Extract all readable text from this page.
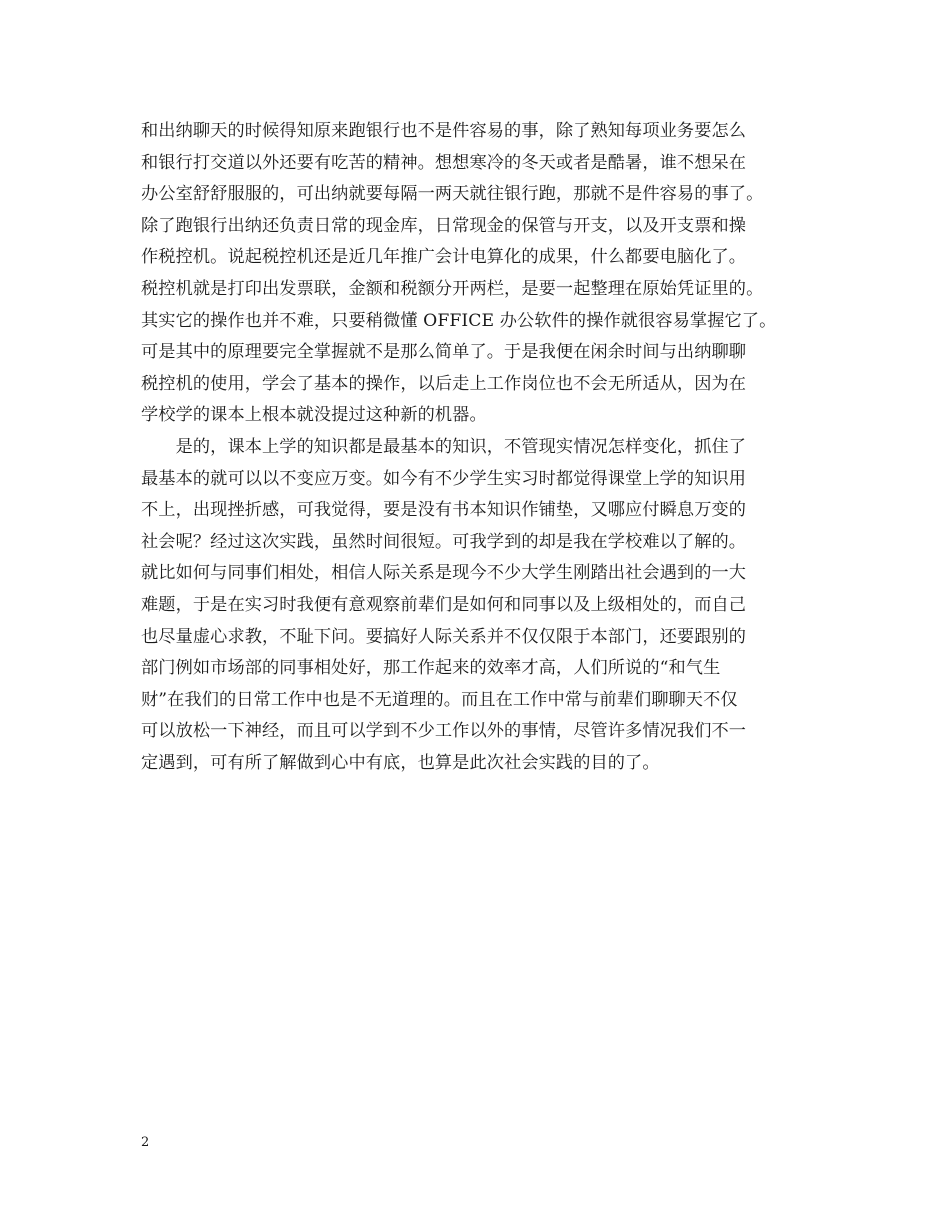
和出纳聊天的时候得知原来跑银行也不是件容易的事，除了熟知每项业务要怎么
和银行打交道以外还要有吃苦的精神。想想寒冷的冬天或者是酷暑，谁不想呆在
办公室舒舒服服的，可出纳就要每隔一两天就往银行跑，那就不是件容易的事了。
除了跑银行出纳还负责日常的现金库，日常现金的保管与开支，以及开支票和操
作税控机。说起税控机还是近几年推广会计电算化的成果，什么都要电脑化了。
税控机就是打印出发票联，金额和税额分开两栏，是要一起整理在原始凭证里的。
其实它的操作也并不难，只要稍微懂 OFFICE 办公软件的操作就很容易掌握它了。
可是其中的原理要完全掌握就不是那么简单了。于是我便在闲余时间与出纳聊聊
税控机的使用，学会了基本的操作，以后走上工作岗位也不会无所适从，因为在
学校学的课本上根本就没提过这种新的机器。
　　是的，课本上学的知识都是最基本的知识，不管现实情况怎样变化，抓住了
最基本的就可以以不变应万变。如今有不少学生实习时都觉得课堂上学的知识用
不上，出现挫折感，可我觉得，要是没有书本知识作铺垫，又哪应付瞬息万变的
社会呢？经过这次实践，虽然时间很短。可我学到的却是我在学校难以了解的。
就比如何与同事们相处，相信人际关系是现今不少大学生刚踏出社会遇到的一大
难题，于是在实习时我便有意观察前辈们是如何和同事以及上级相处的，而自己
也尽量虚心求教，不耻下问。要搞好人际关系并不仅仅限于本部门，还要跟别的
部门例如市场部的同事相处好，那工作起来的效率才高，人们所说的“和气生
财”在我们的日常工作中也是不无道理的。而且在工作中常与前辈们聊聊天不仅
可以放松一下神经，而且可以学到不少工作以外的事情，尽管许多情况我们不一
定遇到，可有所了解做到心中有底，也算是此次社会实践的目的了。
2
